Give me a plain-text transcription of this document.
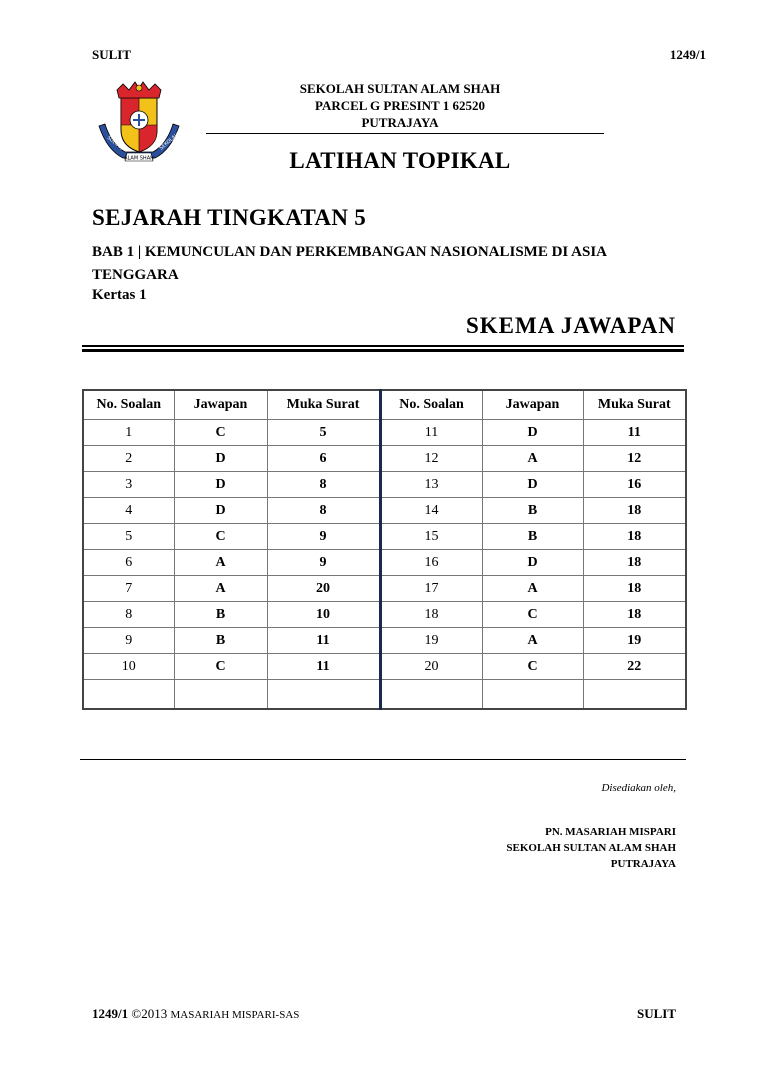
SULIT	1249/1
SULTAN	SEKOLAH
ALAM SHAH
SEKOLAH SULTAN ALAM SHAH
PARCEL G PRESINT 1 62520
PUTRAJAYA
LATIHAN TOPIKAL
SEJARAH TINGKATAN 5
BAB 1 | KEMUNCULAN DAN PERKEMBANGAN NASIONALISME DI ASIA TENGGARA
Kertas 1
SKEMA JAWAPAN
No. Soalan	Jawapan	Muka Surat	No. Soalan	Jawapan	Muka Surat
1	C	5	11	D	11
2	D	6	12	A	12
3	D	8	13	D	16
4	D	8	14	B	18
5	C	9	15	B	18
6	A	9	16	D	18
7	A	20	17	A	18
8	B	10	18	C	18
9	B	11	19	A	19
10	C	11	20	C	22

Disediakan oleh,
PN. MASARIAH MISPARI
SEKOLAH SULTAN ALAM SHAH
PUTRAJAYA
1249/1 ©2013 MASARIAH MISPARI-SAS	SULIT
